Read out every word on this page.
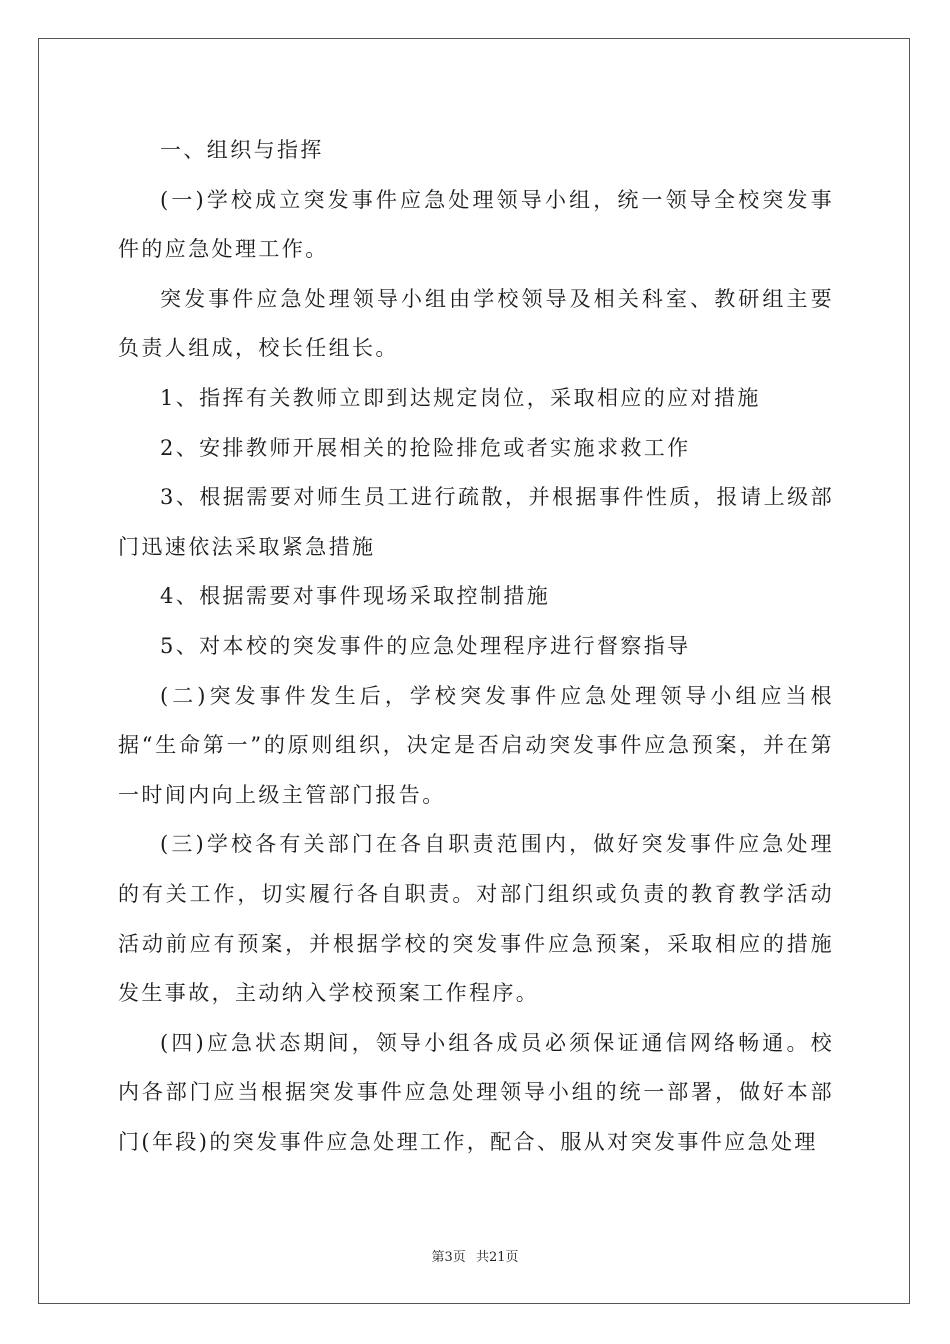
一、组织与指挥

(一)学校成立突发事件应急处理领导小组，统一领导全校突发事件的应急处理工作。

突发事件应急处理领导小组由学校领导及相关科室、教研组主要负责人组成，校长任组长。

1、指挥有关教师立即到达规定岗位，采取相应的应对措施

2、安排教师开展相关的抢险排危或者实施求救工作

3、根据需要对师生员工进行疏散，并根据事件性质，报请上级部门迅速依法采取紧急措施

4、根据需要对事件现场采取控制措施

5、对本校的突发事件的应急处理程序进行督察指导

(二)突发事件发生后，学校突发事件应急处理领导小组应当根据“生命第一”的原则组织，决定是否启动突发事件应急预案，并在第一时间内向上级主管部门报告。

(三)学校各有关部门在各自职责范围内，做好突发事件应急处理的有关工作，切实履行各自职责。对部门组织或负责的教育教学活动活动前应有预案，并根据学校的突发事件应急预案，采取相应的措施发生事故，主动纳入学校预案工作程序。

(四)应急状态期间，领导小组各成员必须保证通信网络畅通。校内各部门应当根据突发事件应急处理领导小组的统一部署，做好本部门(年段)的突发事件应急处理工作，配合、服从对突发事件应急处理

第3页 共21页
